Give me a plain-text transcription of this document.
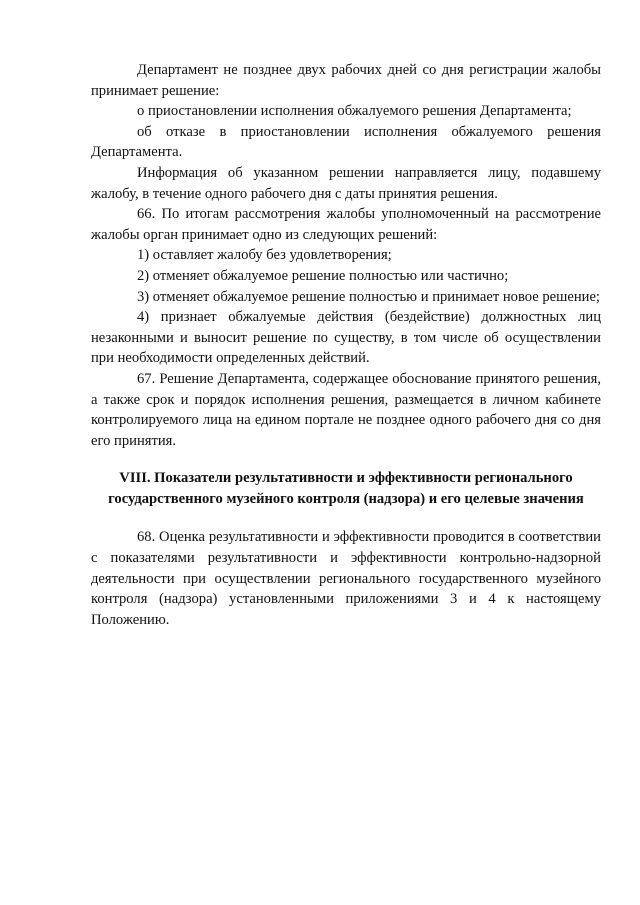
Департамент не позднее двух рабочих дней со дня регистрации жалобы принимает решение:

о приостановлении исполнения обжалуемого решения Департамента;

об отказе в приостановлении исполнения обжалуемого решения Департамента.

Информация об указанном решении направляется лицу, подавшему жалобу, в течение одного рабочего дня с даты принятия решения.

66. По итогам рассмотрения жалобы уполномоченный на рассмотрение жалобы орган принимает одно из следующих решений:

1) оставляет жалобу без удовлетворения;

2) отменяет обжалуемое решение полностью или частично;

3) отменяет обжалуемое решение полностью и принимает новое решение;

4) признает обжалуемые действия (бездействие) должностных лиц незаконными и выносит решение по существу, в том числе об осуществлении при необходимости определенных действий.

67. Решение Департамента, содержащее обоснование принятого решения, а также срок и порядок исполнения решения, размещается в личном кабинете контролируемого лица на едином портале не позднее одного рабочего дня со дня его принятия.

VIII. Показатели результативности и эффективности регионального
государственного музейного контроля (надзора) и его целевые значения

68. Оценка результативности и эффективности проводится в соответствии с показателями результативности и эффективности контрольно-надзорной деятельности при осуществлении регионального государственного музейного контроля (надзора) установленными приложениями 3 и 4 к настоящему Положению.
